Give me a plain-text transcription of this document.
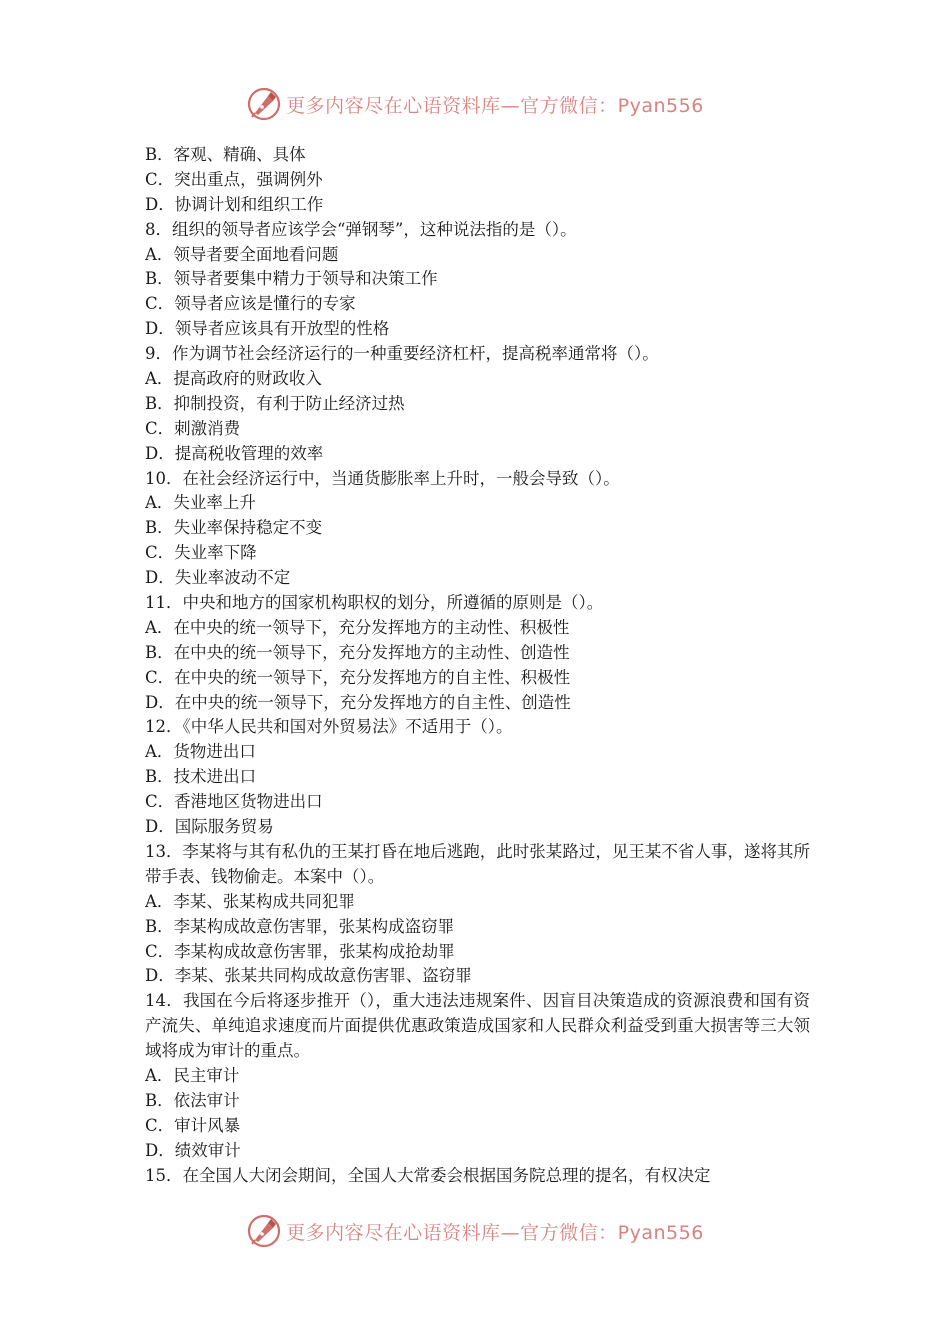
更多内容尽在心语资料库—官方微信：Pyan556
B．客观、精确、具体
C．突出重点，强调例外
D．协调计划和组织工作
8．组织的领导者应该学会“弹钢琴”，这种说法指的是（）。
A．领导者要全面地看问题
B．领导者要集中精力于领导和决策工作
C．领导者应该是懂行的专家
D．领导者应该具有开放型的性格
9．作为调节社会经济运行的一种重要经济杠杆，提高税率通常将（）。
A．提高政府的财政收入
B．抑制投资，有利于防止经济过热
C．刺激消费
D．提高税收管理的效率
10．在社会经济运行中，当通货膨胀率上升时，一般会导致（）。
A．失业率上升
B．失业率保持稳定不变
C．失业率下降
D．失业率波动不定
11．中央和地方的国家机构职权的划分，所遵循的原则是（）。
A．在中央的统一领导下，充分发挥地方的主动性、积极性
B．在中央的统一领导下，充分发挥地方的主动性、创造性
C．在中央的统一领导下，充分发挥地方的自主性、积极性
D．在中央的统一领导下，充分发挥地方的自主性、创造性
12．《中华人民共和国对外贸易法》不适用于（）。
A．货物进出口
B．技术进出口
C．香港地区货物进出口
D．国际服务贸易
13．李某将与其有私仇的王某打昏在地后逃跑，此时张某路过，见王某不省人事，遂将其所带手表、钱物偷走。本案中（）。
A．李某、张某构成共同犯罪
B．李某构成故意伤害罪，张某构成盗窃罪
C．李某构成故意伤害罪，张某构成抢劫罪
D．李某、张某共同构成故意伤害罪、盗窃罪
14．我国在今后将逐步推开（），重大违法违规案件、因盲目决策造成的资源浪费和国有资产流失、单纯追求速度而片面提供优惠政策造成国家和人民群众利益受到重大损害等三大领域将成为审计的重点。
A．民主审计
B．依法审计
C．审计风暴
D．绩效审计
15．在全国人大闭会期间，全国人大常委会根据国务院总理的提名，有权决定
更多内容尽在心语资料库—官方微信：Pyan556
